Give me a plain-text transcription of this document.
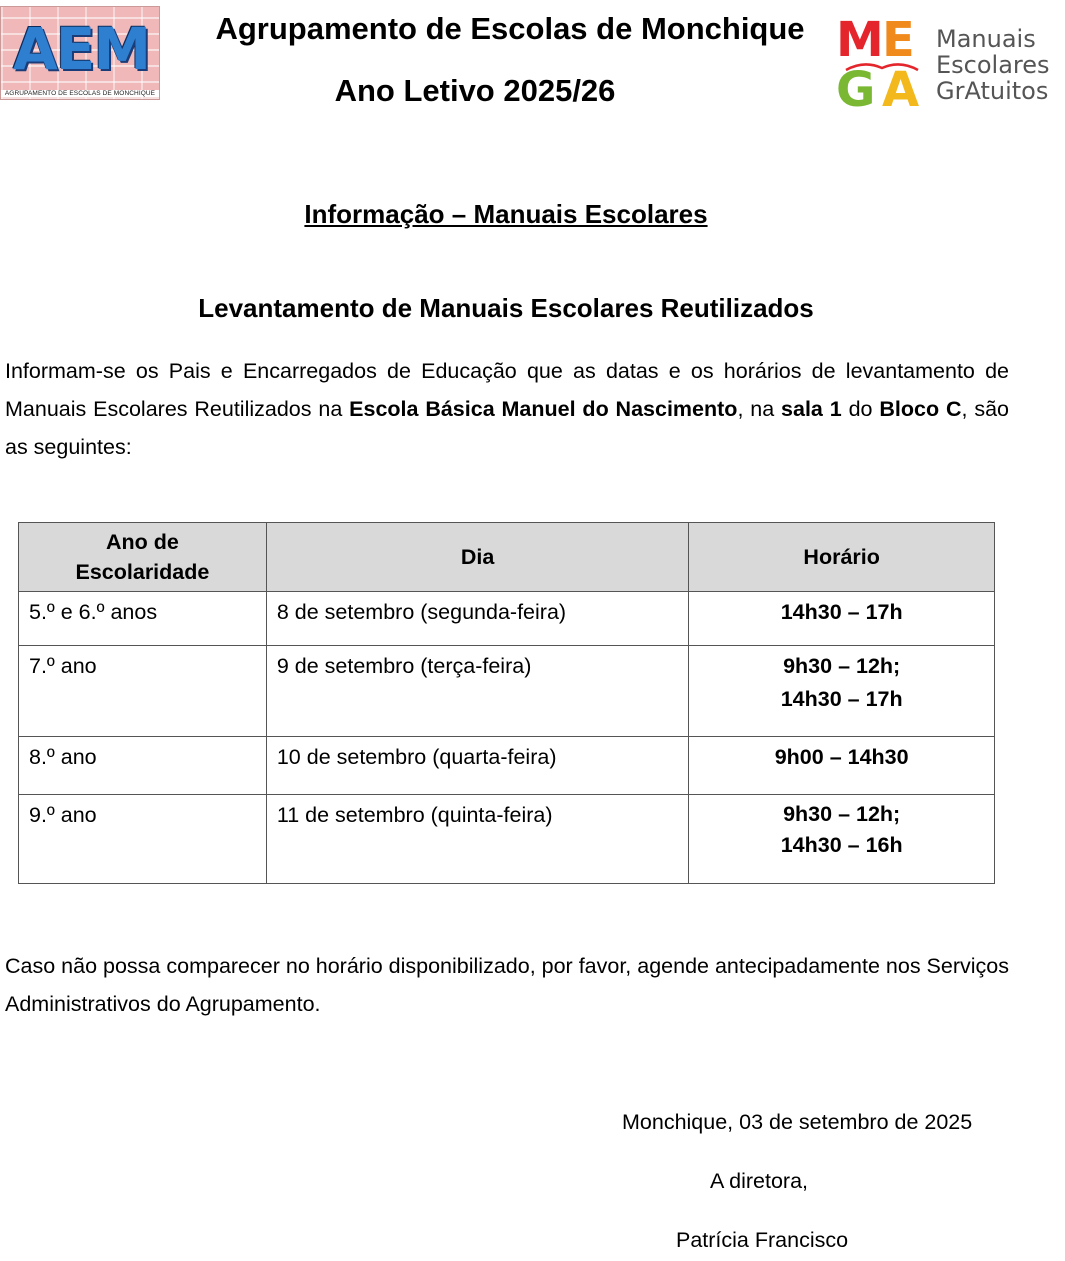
AEM
AGRUPAMENTO DE ESCOLAS DE MONCHIQUE
Agrupamento de Escolas de Monchique
Ano Letivo 2025/26
M
E
G A
Manuais
Escolares
GrAtuitos
Informação – Manuais Escolares
Levantamento de Manuais Escolares Reutilizados
Informam-se os Pais e Encarregados de Educação que as datas e os horários de levantamento de Manuais Escolares Reutilizados na Escola Básica Manuel do Nascimento, na sala 1 do Bloco C, são as seguintes:
Ano de
Escolaridade	Dia	Horário
5.º e 6.º anos	8 de setembro (segunda-feira)	14h30 – 17h

7.º ano	9 de setembro (terça-feira)	9h30 – 12h;
14h30 – 17h

8.º ano	10 de setembro (quarta-feira)	9h00 – 14h30

9.º ano	11 de setembro (quinta-feira)	9h30 – 12h;
14h30 – 16h
Caso não possa comparecer no horário disponibilizado, por favor, agende antecipadamente nos Serviços Administrativos do Agrupamento.
Monchique, 03 de setembro de 2025
A diretora,
Patrícia Francisco
